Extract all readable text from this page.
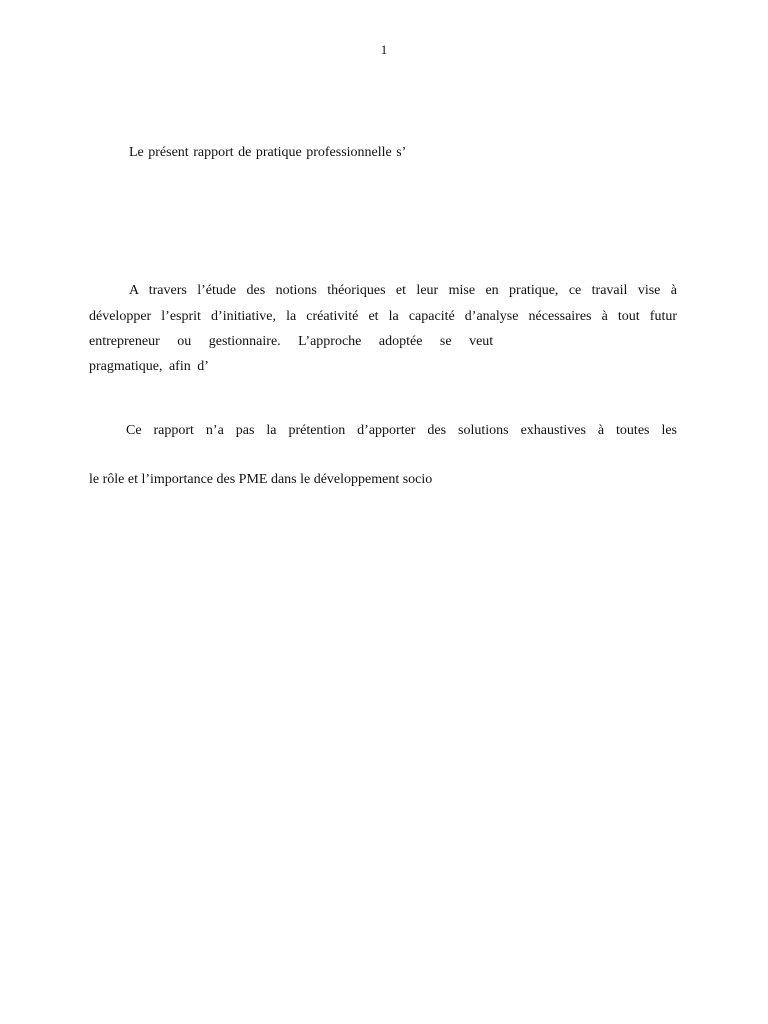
1
Le présent rapport de pratique professionnelle s’
A travers l’étude des notions théoriques et leur mise en pratique, ce travail vise à
développer l’esprit d’initiative, la créativité et la capacité d’analyse nécessaires à tout futur
entrepreneur ou gestionnaire. L’approche adoptée se veut
pragmatique, afin d’
Ce rapport n’a pas la prétention d’apporter des solutions exhaustives à toutes les
le rôle et l’importance des PME dans le développement socio
